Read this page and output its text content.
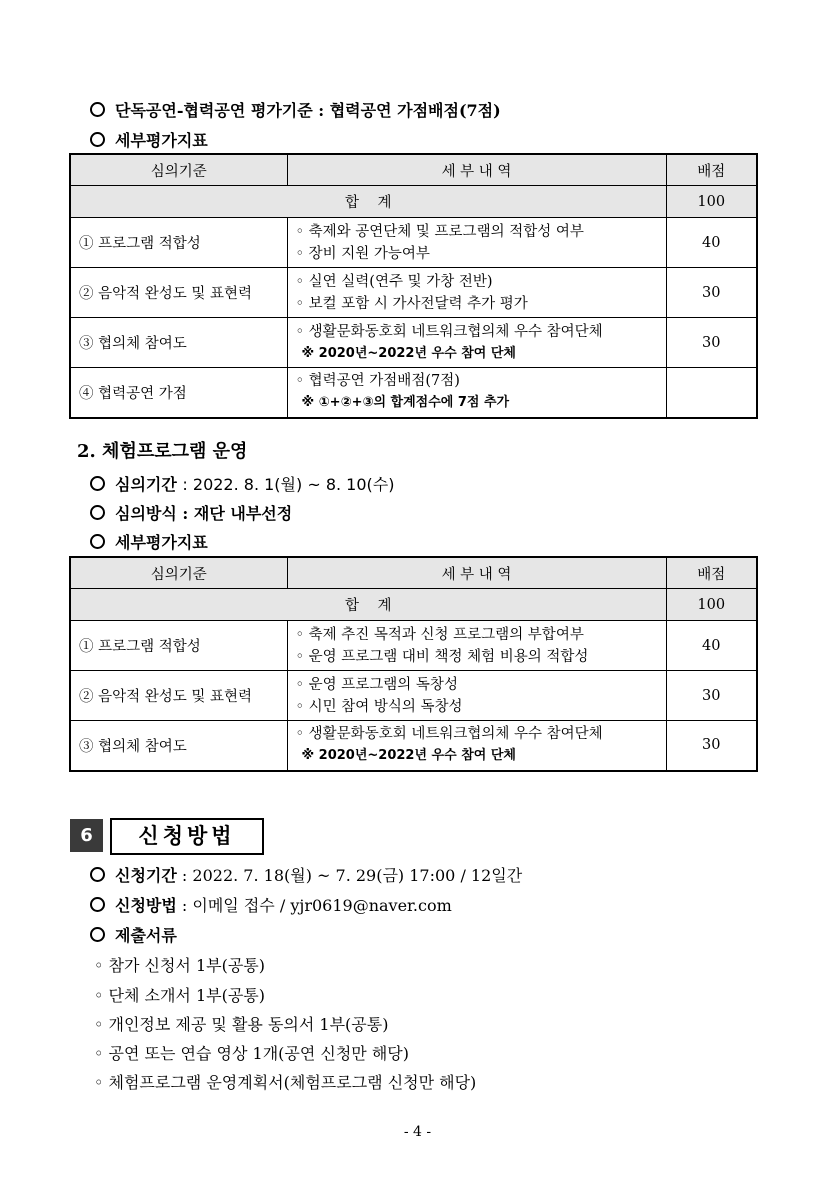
단독공연-협력공연 평가기준 : 협력공연 가점배점(7점)
세부평가지표
심의기준	세 부 내 역	배점
합    계		100
① 프로그램 적합성	◦ 축제와 공연단체 및 프로그램의 적합성 여부
◦ 장비 지원 가능여부	40
② 음악적 완성도 및 표현력	◦ 실연 실력(연주 및 가창 전반)
◦ 보컬 포함 시 가사전달력 추가 평가	30
③ 협의체 참여도	◦ 생활문화동호회 네트워크협의체 우수 참여단체
※ 2020년~2022년 우수 참여 단체	30
④ 협력공연 가점	◦ 협력공연 가점배점(7점)
※ ①+②+③의 합계점수에 7점 추가	

2. 체험프로그램 운영
심의기간 : 2022. 8. 1(월) ~ 8. 10(수)
심의방식 : 재단 내부선정
세부평가지표
심의기준	세 부 내 역	배점
합    계		100
① 프로그램 적합성	◦ 축제 추진 목적과 신청 프로그램의 부합여부
◦ 운영 프로그램 대비 책정 체험 비용의 적합성	40
② 음악적 완성도 및 표현력	◦ 운영 프로그램의 독창성
◦ 시민 참여 방식의 독창성	30
③ 협의체 참여도	◦ 생활문화동호회 네트워크협의체 우수 참여단체
※ 2020년~2022년 우수 참여 단체	30
6	신청방법
신청기간 : 2022. 7. 18(월) ~ 7. 29(금) 17:00 / 12일간
신청방법 : 이메일 접수 / yjr0619@naver.com
제출서류
◦ 참가 신청서 1부(공통)
◦ 단체 소개서 1부(공통)
◦ 개인정보 제공 및 활용 동의서 1부(공통)
◦ 공연 또는 연습 영상 1개(공연 신청만 해당)
◦ 체험프로그램 운영계획서(체험프로그램 신청만 해당)
- 4 -
